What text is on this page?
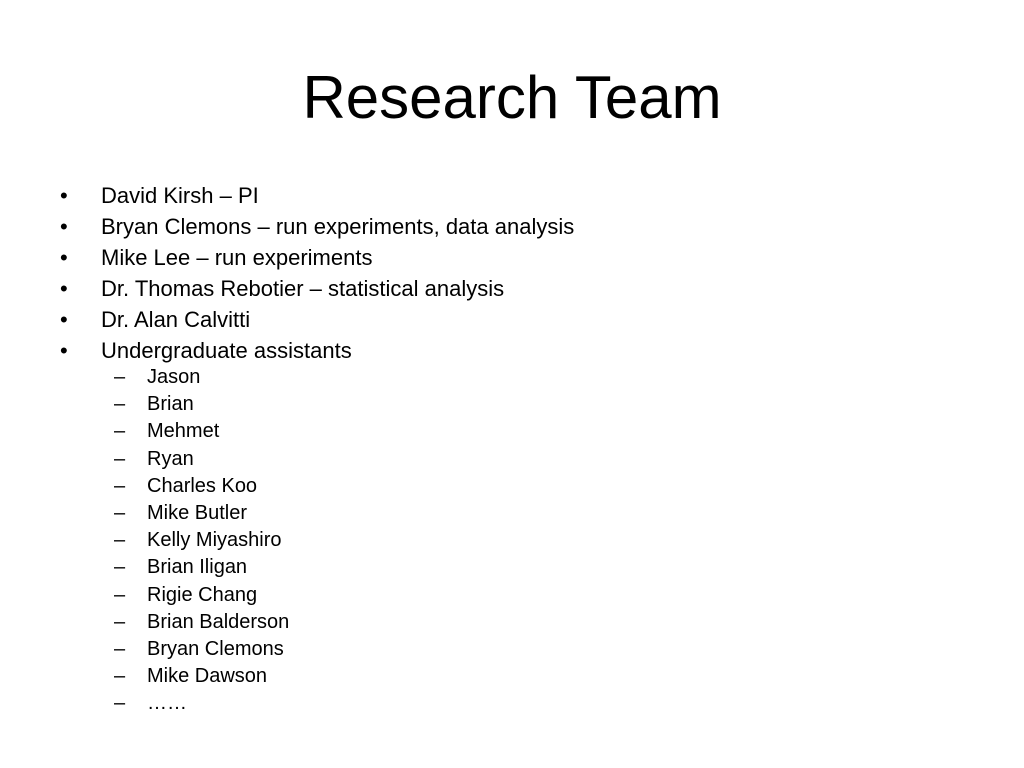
Research Team
•	David Kirsh – PI
•	Bryan Clemons – run experiments, data analysis
•	Mike Lee – run experiments
•	Dr. Thomas Rebotier – statistical analysis
•	Dr. Alan Calvitti
•	Undergraduate assistants
–	Jason
–	Brian
–	Mehmet
–	Ryan
–	Charles Koo
–	Mike Butler
–	Kelly Miyashiro
–	Brian Iligan
–	Rigie Chang
–	Brian Balderson
–	Bryan Clemons
–	Mike Dawson
–	……
